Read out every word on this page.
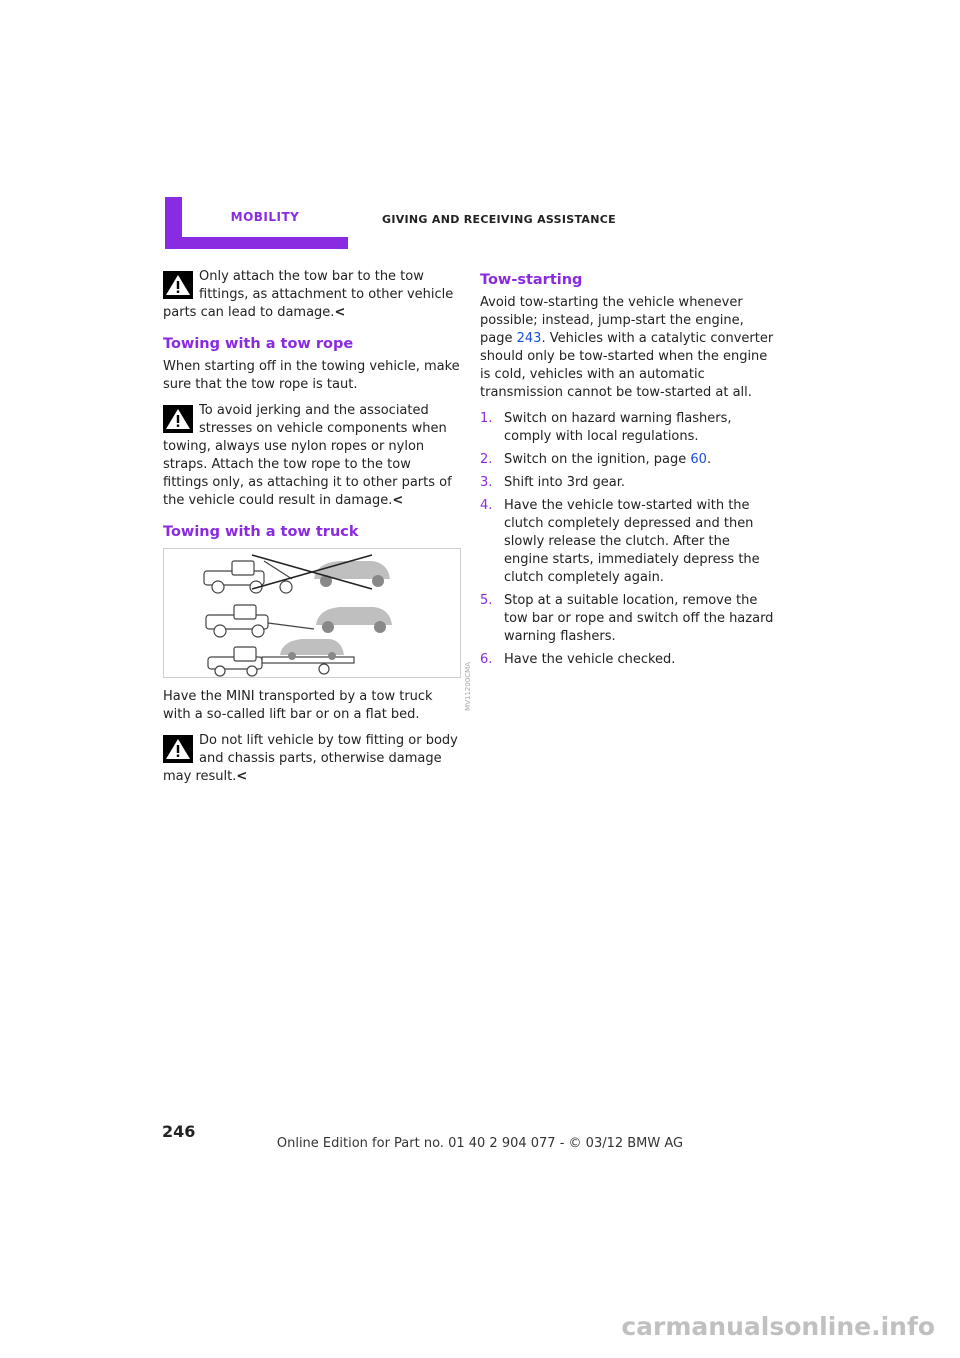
MOBILITY	GIVING AND RECEIVING ASSISTANCE

Only attach the tow bar to the tow fittings, as attachment to other vehicle parts can lead to damage.<

Towing with a tow rope

When starting off in the towing vehicle, make sure that the tow rope is taut.

To avoid jerking and the associated stresses on vehicle components when towing, always use nylon ropes or nylon straps. Attach the tow rope to the tow fittings only, as attaching it to other parts of the vehicle could result in damage.<

Towing with a tow truck

Have the MINI transported by a tow truck with a so-called lift bar or on a flat bed.

Do not lift vehicle by tow fitting or body and chassis parts, otherwise damage may result.<

MV11200CMA
Tow-starting

Avoid tow-starting the vehicle whenever possible; instead, jump-start the engine, page 243. Vehicles with a catalytic converter should only be tow-started when the engine is cold, vehicles with an automatic transmission cannot be tow-started at all.

1. Switch on hazard warning flashers, comply with local regulations.
2. Switch on the ignition, page 60.
3. Shift into 3rd gear.
4. Have the vehicle tow-started with the clutch completely depressed and then slowly release the clutch. After the engine starts, immediately depress the clutch completely again.
5. Stop at a suitable location, remove the tow bar or rope and switch off the hazard warning flashers.
6. Have the vehicle checked.
246
Online Edition for Part no. 01 40 2 904 077 - © 03/12 BMW AG
carmanualsonline.info
